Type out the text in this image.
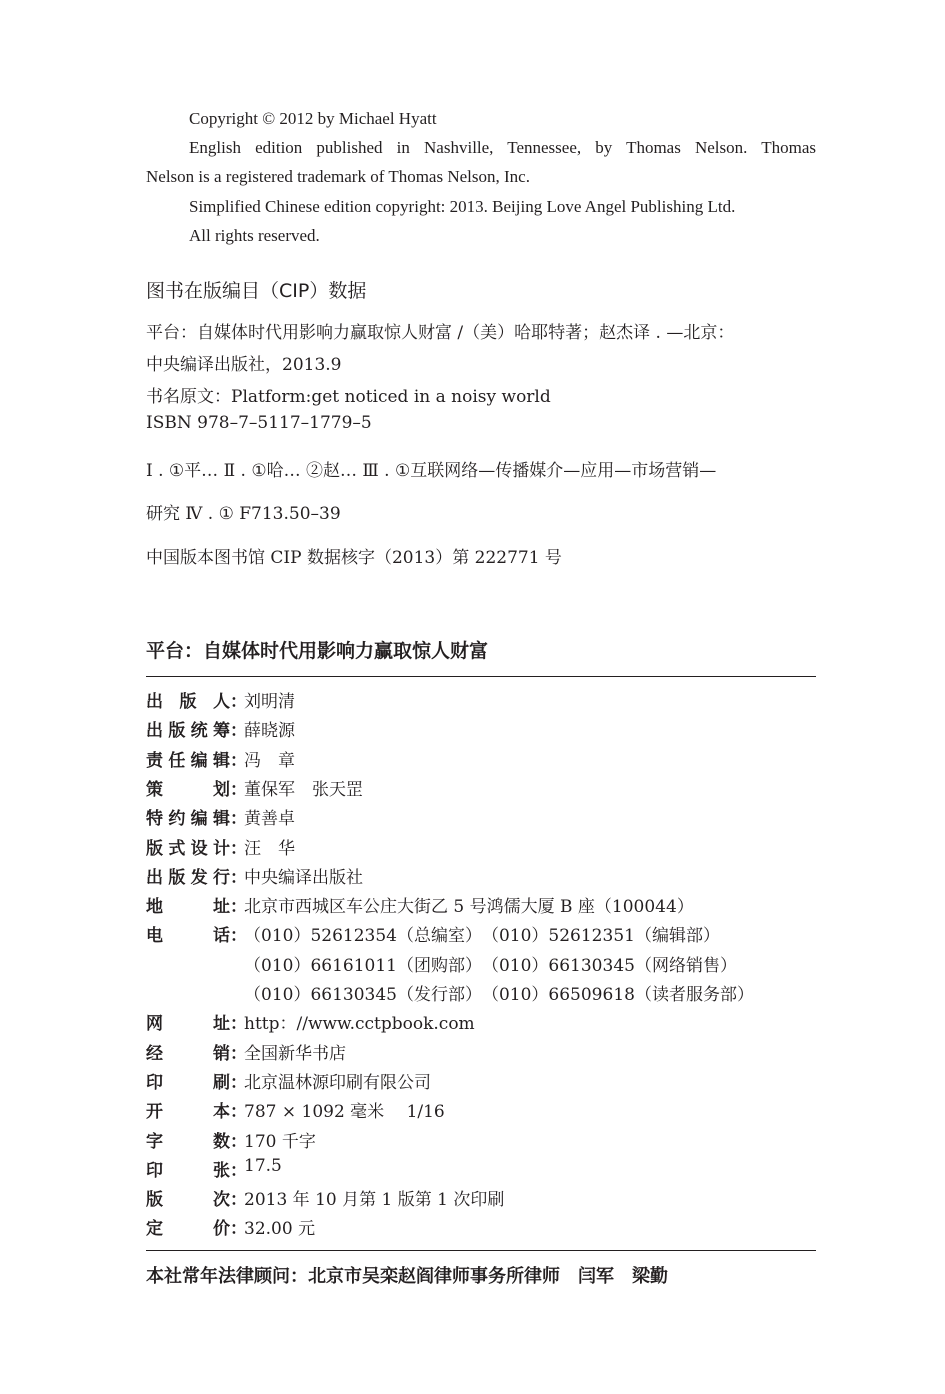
Copyright © 2012 by Michael Hyatt
English edition published in Nashville, Tennessee, by Thomas Nelson. Thomas
Nelson is a registered trademark of Thomas Nelson, Inc.
Simplified Chinese edition copyright: 2013. Beijing Love Angel Publishing Ltd.
All rights reserved.
图书在版编目（CIP）数据
平台：自媒体时代用影响力赢取惊人财富 /（美）哈耶特著；赵杰译 . —北京：
中央编译出版社，2013.9
书名原文：Platform:get noticed in a noisy world
ISBN 978–7–5117–1779–5
Ⅰ . ①平… Ⅱ . ①哈… ②赵… Ⅲ . ①互联网络—传播媒介—应用—市场营销—
研究 Ⅳ . ① F713.50–39
中国版本图书馆 CIP 数据核字（2013）第 222771 号
平台：自媒体时代用影响力赢取惊人财富
出 版 人 ：
刘明清
出 版 统 筹 ：
薛晓源
责 任 编 辑 ：
冯　章
策	划 ：
董保军　张天罡
特 约 编 辑 ：
黄善卓
版 式 设 计 ：
汪　华
出 版 发 行 ：
中央编译出版社
地	址 ：
北京市西城区车公庄大街乙 5 号鸿儒大厦 B 座（100044）
电	话 ：
（010）52612354（总编室）　（010）52612351（编辑部）
（010）66161011（团购部）　（010）66130345（网络销售）
（010）66130345（发行部）　（010）66509618（读者服务部）
网	址 ：
http：//www.cctpbook.com
经	销 ：
全国新华书店
印	刷 ：
北京温林源印刷有限公司
开	本 ：
787 × 1092 毫米　 1/16
字	数 ：
170 千字
印	张 ：
17.5
版	次 ：
2013 年 10 月第 1 版第 1 次印刷
定	价 ：
32.00 元
本社常年法律顾问：北京市吴栾赵阎律师事务所律师　闫军　梁勤
